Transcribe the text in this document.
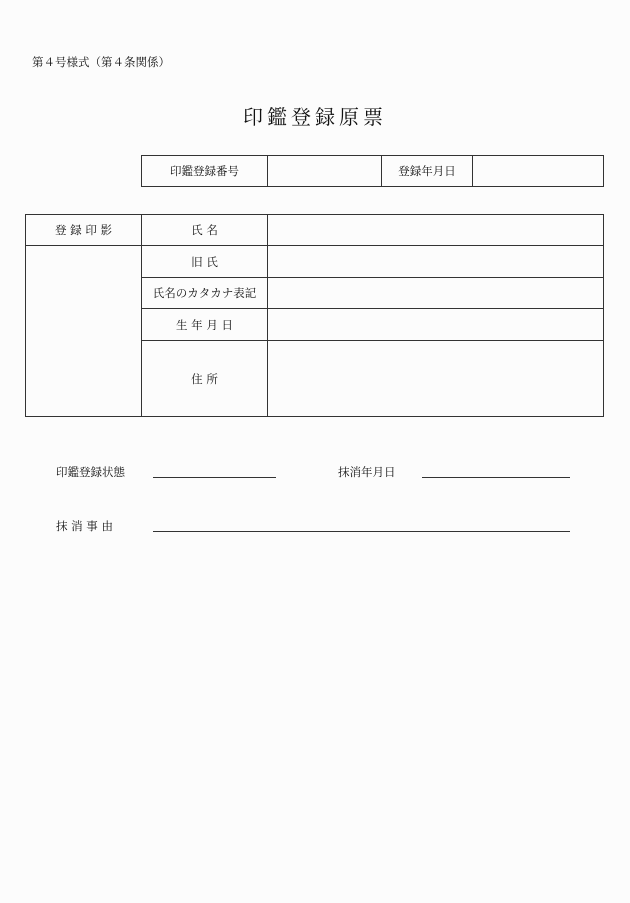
第４号様式（第４条関係）
印鑑登録原票
印鑑登録番号		登録年月日	
登 録 印 影	氏 名	
	旧 氏	
	氏名のカタカナ表記	
	生 年 月 日	
	住 所	
印鑑登録状態	抹消年月日
抹 消 事 由
